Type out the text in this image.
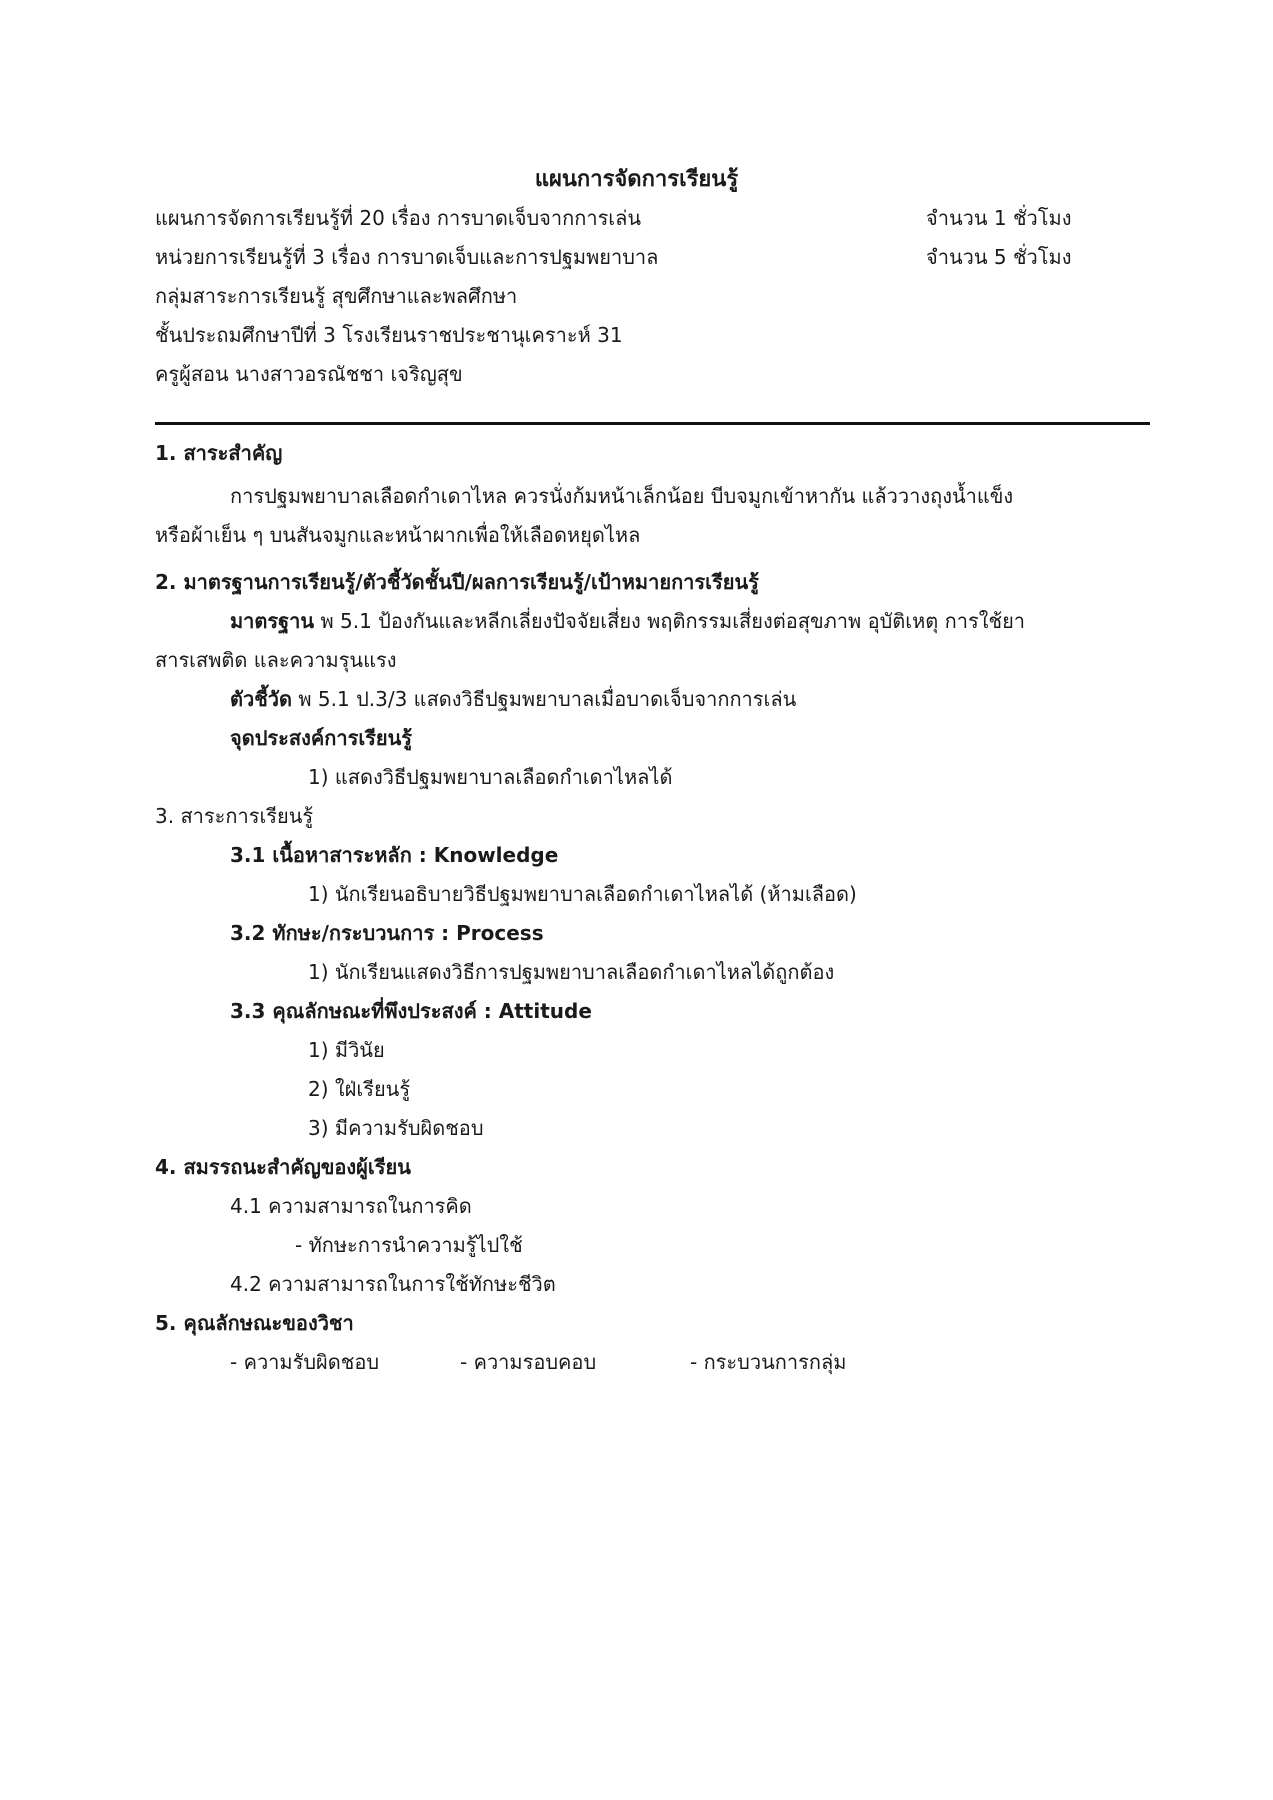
แผนการจัดการเรียนรู้
แผนการจัดการเรียนรู้ที่ 20 เรื่อง การบาดเจ็บจากการเล่น	จำนวน 1 ชั่วโมง
หน่วยการเรียนรู้ที่ 3 เรื่อง การบาดเจ็บและการปฐมพยาบาล	จำนวน 5 ชั่วโมง
กลุ่มสาระการเรียนรู้ สุขศึกษาและพลศึกษา
ชั้นประถมศึกษาปีที่ 3 โรงเรียนราชประชานุเคราะห์ 31
ครูผู้สอน นางสาวอรณัชชา เจริญสุข
1. สาระสำคัญ
การปฐมพยาบาลเลือดกำเดาไหล ควรนั่งก้มหน้าเล็กน้อย บีบจมูกเข้าหากัน แล้ววางถุงน้ำแข็ง
หรือผ้าเย็น ๆ บนสันจมูกและหน้าผากเพื่อให้เลือดหยุดไหล
2. มาตรฐานการเรียนรู้/ตัวชี้วัดชั้นปี/ผลการเรียนรู้/เป้าหมายการเรียนรู้
มาตรฐาน พ 5.1 ป้องกันและหลีกเลี่ยงปัจจัยเสี่ยง พฤติกรรมเสี่ยงต่อสุขภาพ อุบัติเหตุ การใช้ยา
สารเสพติด และความรุนแรง
ตัวชี้วัด พ 5.1 ป.3/3 แสดงวิธีปฐมพยาบาลเมื่อบาดเจ็บจากการเล่น
จุดประสงค์การเรียนรู้
1) แสดงวิธีปฐมพยาบาลเลือดกำเดาไหลได้
3. สาระการเรียนรู้
3.1 เนื้อหาสาระหลัก : Knowledge
1) นักเรียนอธิบายวิธีปฐมพยาบาลเลือดกำเดาไหลได้ (ห้ามเลือด)
3.2 ทักษะ/กระบวนการ : Process
1) นักเรียนแสดงวิธีการปฐมพยาบาลเลือดกำเดาไหลได้ถูกต้อง
3.3 คุณลักษณะที่พึงประสงค์ : Attitude
1) มีวินัย
2) ใฝ่เรียนรู้
3) มีความรับผิดชอบ
4. สมรรถนะสำคัญของผู้เรียน
4.1 ความสามารถในการคิด
- ทักษะการนำความรู้ไปใช้
4.2 ความสามารถในการใช้ทักษะชีวิต
5. คุณลักษณะของวิชา
- ความรับผิดชอบ	- ความรอบคอบ	- กระบวนการกลุ่ม
